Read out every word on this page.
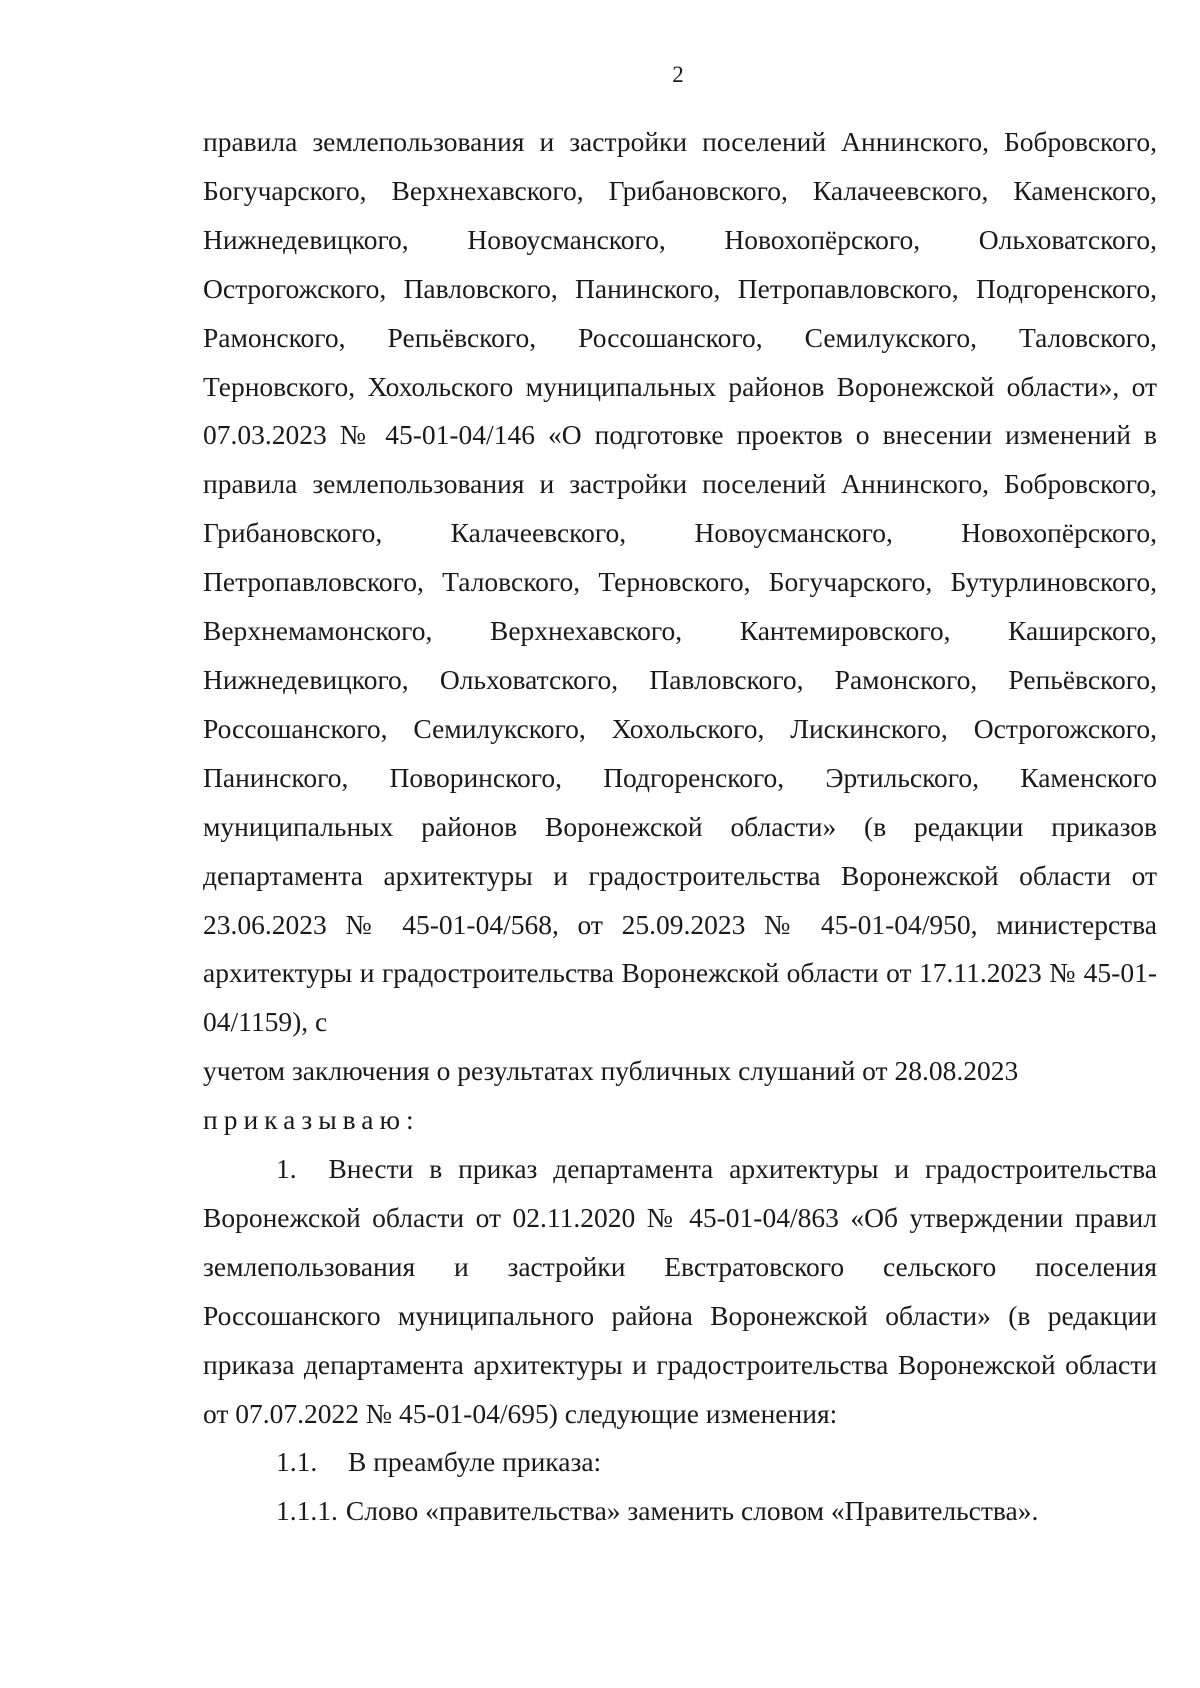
2

правила землепользования и застройки поселений Аннинского, Бобровского, Богучарского, Верхнехавского, Грибановского, Калачеевского, Каменского, Нижнедевицкого, Новоусманского, Новохопёрского, Ольховатского, Острогожского, Павловского, Панинского, Петропавловского, Подгоренского, Рамонского, Репьёвского, Россошанского, Семилукского, Таловского, Терновского, Хохольского муниципальных районов Воронежской области», от 07.03.2023 № 45-01-04/146 «О подготовке проектов о внесении изменений в правила землепользования и застройки поселений Аннинского, Бобровского, Грибановского, Калачеевского, Новоусманского, Новохопёрского, Петропавловского, Таловского, Терновского, Богучарского, Бутурлиновского, Верхнемамонского, Верхнехавского, Кантемировского, Каширского, Нижнедевицкого, Ольховатского, Павловского, Рамонского, Репьёвского, Россошанского, Семилукского, Хохольского, Лискинского, Острогожского, Панинского, Поворинского, Подгоренского, Эртильского, Каменского муниципальных районов Воронежской области» (в редакции приказов департамента архитектуры и градостроительства Воронежской области от 23.06.2023 № 45-01-04/568, от 25.09.2023 № 45-01-04/950, министерства архитектуры и градостроительства Воронежской области от 17.11.2023 № 45-01-04/1159), с

учетом заключения о результатах публичных слушаний от 28.08.2023

приказываю:

1. Внести в приказ департамента архитектуры и градостроительства Воронежской области от 02.11.2020 № 45-01-04/863 «Об утверждении правил землепользования и застройки Евстратовского сельского поселения Россошанского муниципального района Воронежской области» (в редакции приказа департамента архитектуры и градостроительства Воронежской области от 07.07.2022 № 45-01-04/695) следующие изменения:

1.1. В преамбуле приказа:

1.1.1. Слово «правительства» заменить словом «Правительства».
